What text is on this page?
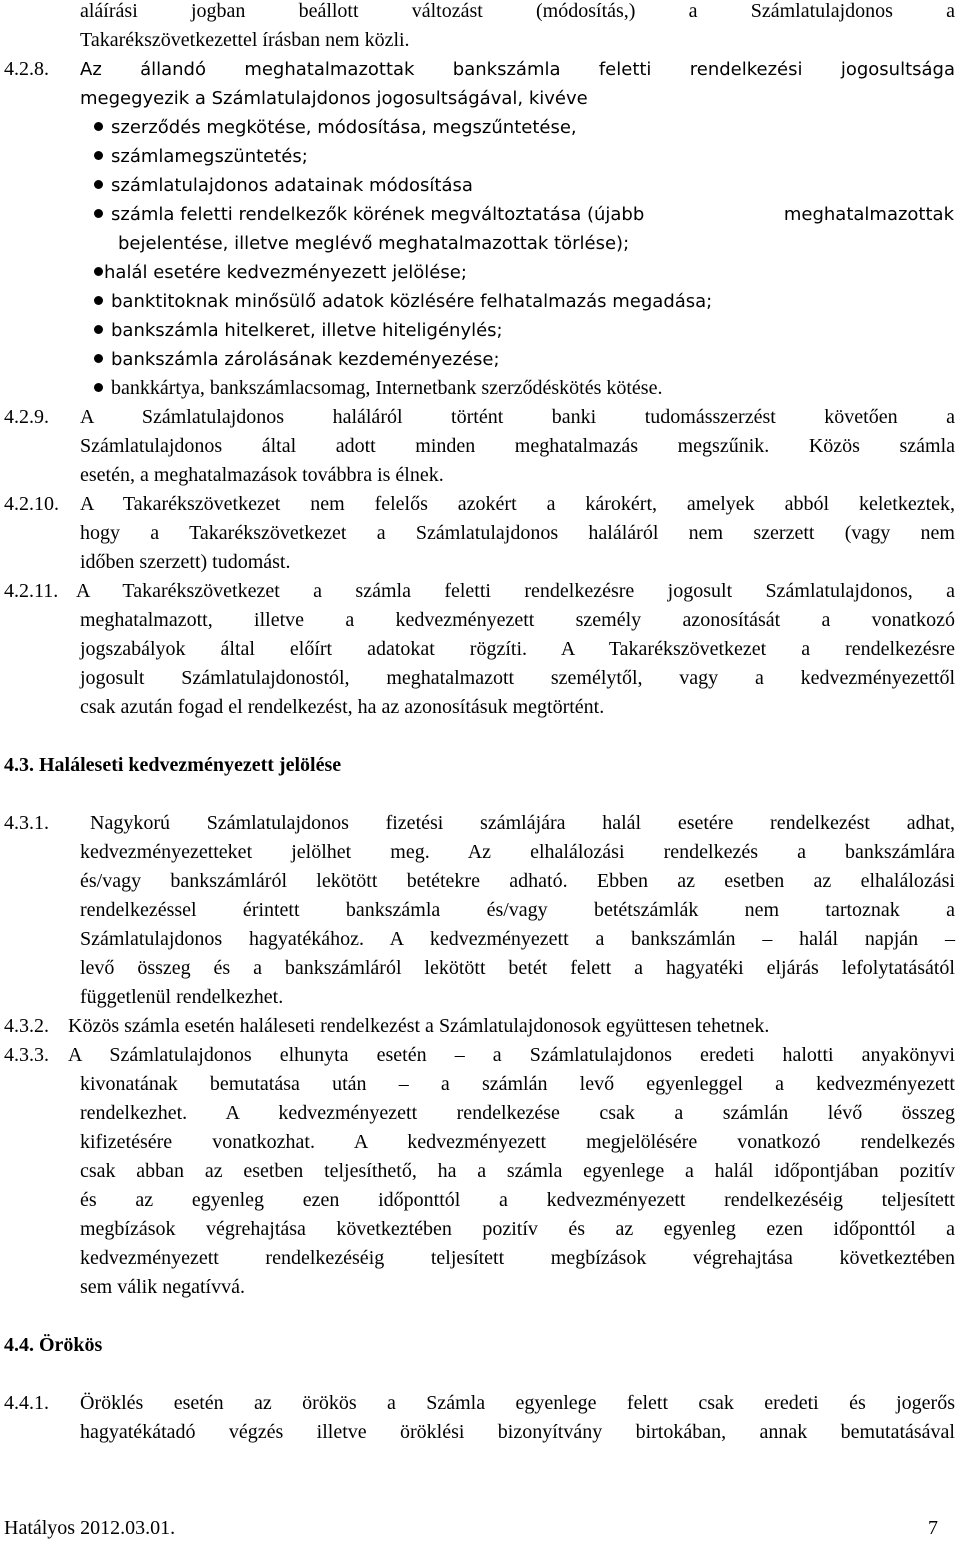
aláírási jogban beállott változást (módosítás,) a Számlatulajdonos a
Takarékszövetkezettel írásban nem közli.
4.2.8. Az állandó meghatalmazottak bankszámla feletti rendelkezési jogosultsága
megegyezik a Számlatulajdonos jogosultságával, kivéve
szerződés megkötése, módosítása, megszűntetése,
számlamegszüntetés;
számlatulajdonos adatainak módosítása
számla feletti rendelkezők körének megváltoztatása (újabb	meghatalmazottak
bejelentése, illetve meglévő meghatalmazottak törlése);
halál esetére kedvezményezett jelölése;
banktitoknak minősülő adatok közlésére felhatalmazás megadása;
bankszámla hitelkeret, illetve hiteligénylés;
bankszámla zárolásának kezdeményezése;
bankkártya, bankszámlacsomag, Internetbank szerződéskötés kötése.
4.2.9. A Számlatulajdonos haláláról történt banki tudomásszerzést követően a
Számlatulajdonos által adott minden meghatalmazás megszűnik. Közös számla
esetén, a meghatalmazások továbbra is élnek.
4.2.10. A Takarékszövetkezet nem felelős azokért a károkért, amelyek abból keletkeztek,
hogy a Takarékszövetkezet a Számlatulajdonos haláláról nem szerzett (vagy nem
időben szerzett) tudomást.
4.2.11. A Takarékszövetkezet a számla feletti rendelkezésre jogosult Számlatulajdonos, a
meghatalmazott, illetve a kedvezményezett személy azonosítását a vonatkozó
jogszabályok által előírt adatokat rögzíti. A Takarékszövetkezet a rendelkezésre
jogosult Számlatulajdonostól, meghatalmazott személytől, vagy a kedvezményezettől
csak azután fogad el rendelkezést, ha az azonosításuk megtörtént.
4.3. Haláleseti kedvezményezett jelölése
4.3.1. Nagykorú Számlatulajdonos fizetési számlájára halál esetére rendelkezést adhat,
kedvezményezetteket jelölhet meg. Az elhalálozási rendelkezés a bankszámlára
és/vagy bankszámláról lekötött betétekre adható. Ebben az esetben az elhalálozási
rendelkezéssel érintett bankszámla és/vagy betétszámlák nem tartoznak a
Számlatulajdonos hagyatékához. A kedvezményezett a bankszámlán – halál napján –
levő összeg és a bankszámláról lekötött betét felett a hagyatéki eljárás lefolytatásától
függetlenül rendelkezhet.
4.3.2. Közös számla esetén haláleseti rendelkezést a Számlatulajdonosok együttesen tehetnek.
4.3.3. A Számlatulajdonos elhunyta esetén – a Számlatulajdonos eredeti halotti anyakönyvi
kivonatának bemutatása után – a számlán levő egyenleggel a kedvezményezett
rendelkezhet. A kedvezményezett rendelkezése csak a számlán lévő összeg
kifizetésére vonatkozhat. A kedvezményezett megjelölésére vonatkozó rendelkezés
csak abban az esetben teljesíthető, ha a számla egyenlege a halál időpontjában pozitív
és az egyenleg ezen időponttól a kedvezményezett rendelkezéséig teljesített
megbízások végrehajtása következtében pozitív és az egyenleg ezen időponttól a
kedvezményezett rendelkezéséig teljesített megbízások végrehajtása következtében
sem válik negatívvá.
4.4. Örökös
4.4.1. Öröklés esetén az örökös a Számla egyenlege felett csak eredeti és jogerős
hagyatékátadó végzés illetve öröklési bizonyítvány birtokában, annak bemutatásával
Hatályos 2012.03.01.	7
